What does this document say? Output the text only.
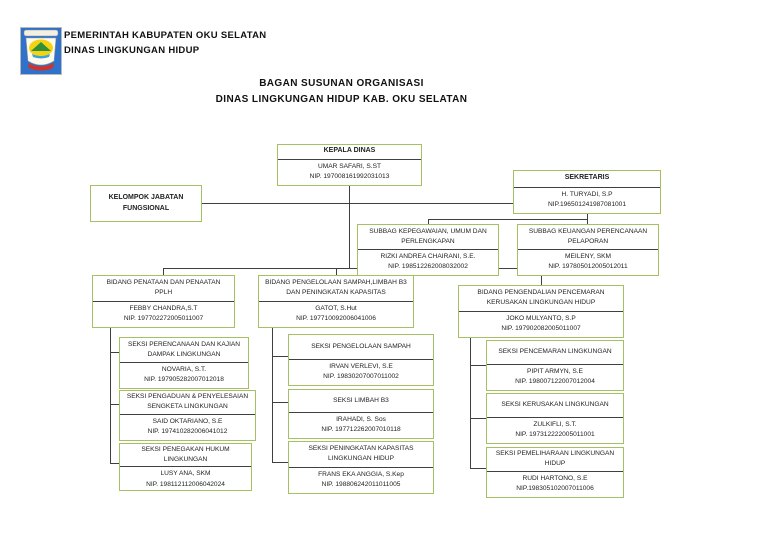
PEMERINTAH KABUPATEN OKU SELATAN
DINAS LINGKUNGAN HIDUP
BAGAN SUSUNAN ORGANISASI
DINAS LINGKUNGAN HIDUP KAB. OKU SELATAN
KEPALA DINAS
UMAR SAFARI, S.ST
NIP. 197008161992031013
KELOMPOK JABATAN FUNGSIONAL
SEKRETARIS
H. TURYADI, S.P
NIP.196501241987081001
SUBBAG KEPEGAWAIAN, UMUM DAN PERLENGKAPAN
RIZKI ANDREA CHAIRANI, S.E.
NIP. 198512262008032002
SUBBAG KEUANGAN PERENCANAAN PELAPORAN
MEILENY, SKM
NIP. 197805012005012011
BIDANG PENATAAN DAN PENAATAN PPLH
FEBBY CHANDRA,S.T
NIP. 197702272005011007
BIDANG PENGELOLAAN SAMPAH,LIMBAH B3 DAN PENINGKATAN KAPASITAS
GATOT, S.Hut
NIP. 197710092006041006
BIDANG PENGENDALIAN PENCEMARAN KERUSAKAN LINGKUNGAN HIDUP
JOKO MULYANTO, S.P
NIP. 197902082005011007
SEKSI PERENCANAAN DAN KAJIAN DAMPAK LINGKUNGAN
NOVARIA, S.T.
NIP. 197905282007012018
SEKSI PENGADUAN & PENYELESAIAN SENGKETA LINGKUNGAN
SAID OKTARIANO, S.E
NIP. 197410282006041012
SEKSI PENEGAKAN HUKUM LINGKUNGAN
LUSY ANA, SKM
NIP. 198112112006042024
SEKSI PENGELOLAAN SAMPAH
IRVAN VERLEVI, S.E
NIP. 19830207007011002
SEKSI LIMBAH B3
IRAHADI, S. Sos
NIP. 197712262007010118
SEKSI PENINGKATAN KAPASITAS LINGKUNGAN HIDUP
FRANS EKA ANGGIA, S.Kep
NIP. 198806242011011005
SEKSI PENCEMARAN LINGKUNGAN
PIPIT ARMYN, S.E
NIP. 198007122007012004
SEKSI KERUSAKAN LINGKUNGAN
ZULKIFLI, S.T.
NIP. 197312222005011001
SEKSI PEMELIHARAAN LINGKUNGAN HIDUP
RUDI HARTONO, S.E
NIP.198305102007011006
